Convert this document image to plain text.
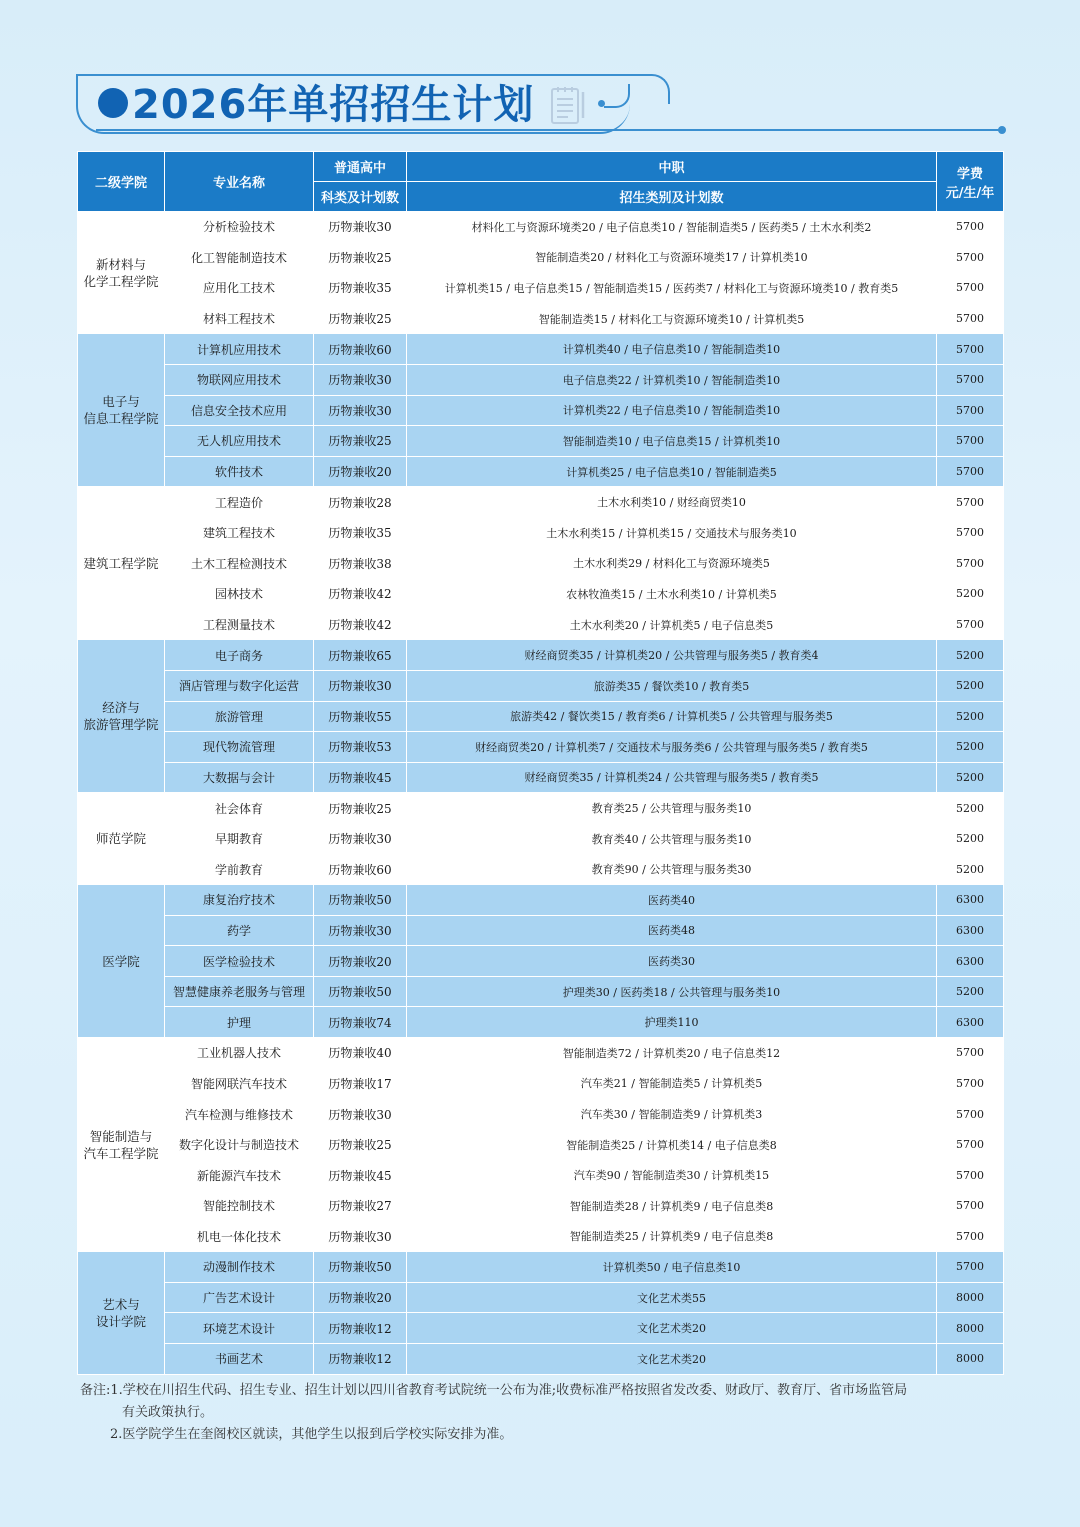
2026年单招招生计划
二级学院	专业名称	普通高中	中职	学费
元/生/年

		科类及计划数	招生类别及计划数	
新材料与
化学工程学院	分析检验技术	历物兼收30	材料化工与资源环境类20 / 电子信息类10 / 智能制造类5 / 医药类5 / 土木水利类2	5700
	化工智能制造技术	历物兼收25	智能制造类20 / 材料化工与资源环境类17 / 计算机类10	5700
	应用化工技术	历物兼收35	计算机类15 / 电子信息类15 / 智能制造类15 / 医药类7 / 材料化工与资源环境类10 / 教育类5	5700
	材料工程技术	历物兼收25	智能制造类15 / 材料化工与资源环境类10 / 计算机类5	5700
电子与
信息工程学院	计算机应用技术	历物兼收60	计算机类40 / 电子信息类10 / 智能制造类10	5700
	物联网应用技术	历物兼收30	电子信息类22 / 计算机类10 / 智能制造类10	5700
	信息安全技术应用	历物兼收30	计算机类22 / 电子信息类10 / 智能制造类10	5700
	无人机应用技术	历物兼收25	智能制造类10 / 电子信息类15 / 计算机类10	5700
	软件技术	历物兼收20	计算机类25 / 电子信息类10 / 智能制造类5	5700
建筑工程学院	工程造价	历物兼收28	土木水利类10 / 财经商贸类10	5700
	建筑工程技术	历物兼收35	土木水利类15 / 计算机类15 / 交通技术与服务类10	5700
	土木工程检测技术	历物兼收38	土木水利类29 / 材料化工与资源环境类5	5700
	园林技术	历物兼收42	农林牧渔类15 / 土木水利类10 / 计算机类5	5200
	工程测量技术	历物兼收42	土木水利类20 / 计算机类5 / 电子信息类5	5700
经济与
旅游管理学院	电子商务	历物兼收65	财经商贸类35 / 计算机类20 / 公共管理与服务类5 / 教育类4	5200
	酒店管理与数字化运营	历物兼收30	旅游类35 / 餐饮类10 / 教育类5	5200
	旅游管理	历物兼收55	旅游类42 / 餐饮类15 / 教育类6 / 计算机类5 / 公共管理与服务类5	5200
	现代物流管理	历物兼收53	财经商贸类20 / 计算机类7 / 交通技术与服务类6 / 公共管理与服务类5 / 教育类5	5200
	大数据与会计	历物兼收45	财经商贸类35 / 计算机类24 / 公共管理与服务类5 / 教育类5	5200
师范学院	社会体育	历物兼收25	教育类25 / 公共管理与服务类10	5200
	早期教育	历物兼收30	教育类40 / 公共管理与服务类10	5200
	学前教育	历物兼收60	教育类90 / 公共管理与服务类30	5200
医学院	康复治疗技术	历物兼收50	医药类40	6300
	药学	历物兼收30	医药类48	6300
	医学检验技术	历物兼收20	医药类30	6300
	智慧健康养老服务与管理	历物兼收50	护理类30 / 医药类18 / 公共管理与服务类10	5200
	护理	历物兼收74	护理类110	6300
智能制造与
汽车工程学院	工业机器人技术	历物兼收40	智能制造类72 / 计算机类20 / 电子信息类12	5700
	智能网联汽车技术	历物兼收17	汽车类21 / 智能制造类5 / 计算机类5	5700
	汽车检测与维修技术	历物兼收30	汽车类30 / 智能制造类9 / 计算机类3	5700
	数字化设计与制造技术	历物兼收25	智能制造类25 / 计算机类14 / 电子信息类8	5700
	新能源汽车技术	历物兼收45	汽车类90 / 智能制造类30 / 计算机类15	5700
	智能控制技术	历物兼收27	智能制造类28 / 计算机类9 / 电子信息类8	5700
	机电一体化技术	历物兼收30	智能制造类25 / 计算机类9 / 电子信息类8	5700
艺术与
设计学院	动漫制作技术	历物兼收50	计算机类50 / 电子信息类10	5700
	广告艺术设计	历物兼收20	文化艺术类55	8000
	环境艺术设计	历物兼收12	文化艺术类20	8000
	书画艺术	历物兼收12	文化艺术类20	8000

备注:1.学校在川招生代码、招生专业、招生计划以四川省教育考试院统一公布为准;收费标准严格按照省发改委、财政厅、教育厅、省市场监管局

有关政策执行。

2.医学院学生在奎阁校区就读，其他学生以报到后学校实际安排为准。
